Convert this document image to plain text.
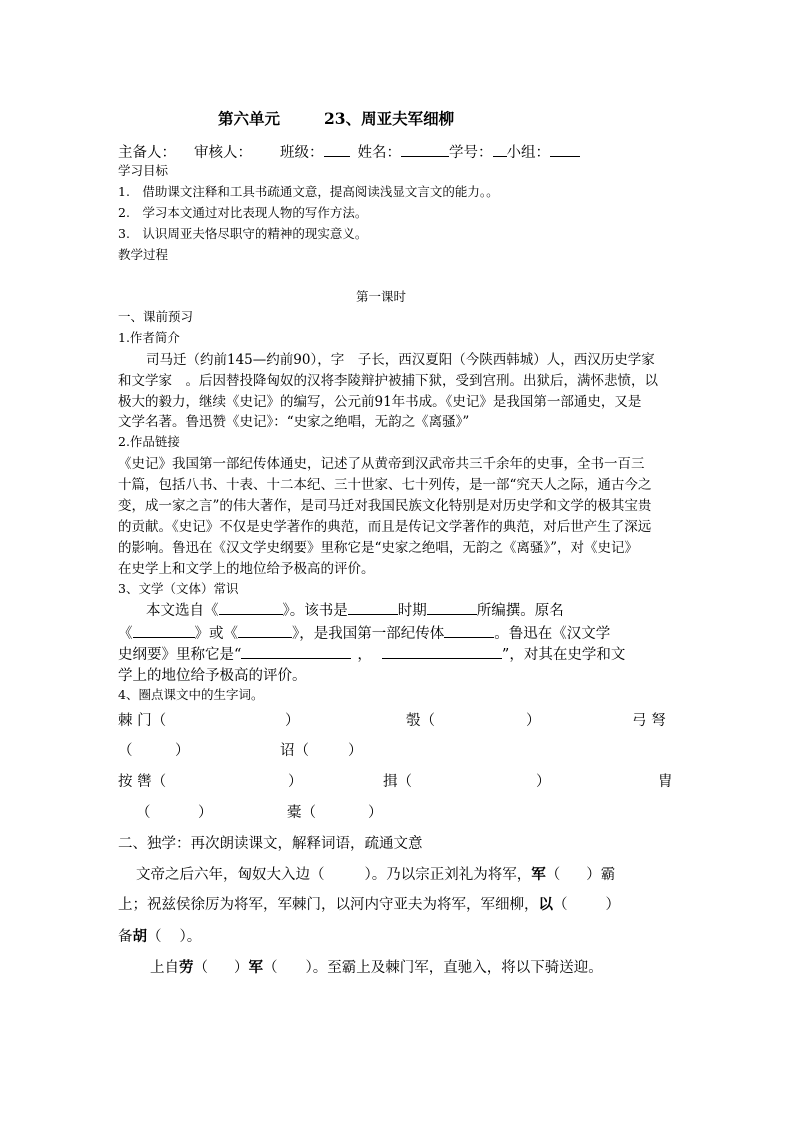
第六单元	23、周亚夫军细柳
主备人： 审核人： 班级： 姓名：	学号： 小组：
学习目标
1.　借助课文注释和工具书疏通文意，提高阅读浅显文言文的能力。。
2.　学习本文通过对比表现人物的写作方法。
3.　认识周亚夫恪尽职守的精神的现实意义。
教学过程
第一课时
一、课前预习
1.作者简介
司马迁（约前145—约前90），字　子长，西汉夏阳（今陕西韩城）人，西汉历史学家
和文学家　。后因替投降匈奴的汉将李陵辩护被捕下狱，受到宫刑。出狱后，满怀悲愤，以
极大的毅力，继续《史记》的编写，公元前91年书成。《史记》是我国第一部通史，又是
文学名著。鲁迅赞《史记》：“史家之绝唱，无韵之《离骚》”
2.作品链接
《史记》我国第一部纪传体通史，记述了从黄帝到汉武帝共三千余年的史事，全书一百三
十篇，包括八书、十表、十二本纪、三十世家、七十列传，是一部“究天人之际，通古今之
变，成一家之言”的伟大著作，是司马迁对我国民族文化特别是对历史学和文学的极其宝贵
的贡献。《史记》不仅是史学著作的典范，而且是传记文学著作的典范，对后世产生了深远
的影响。鲁迅在《汉文学史纲要》里称它是“史家之绝唱，无韵之《离骚》”，对《史记》
在史学上和文学上的地位给予极高的评价。
3、文学（文体）常识
本文选自《	》。该书是	时期	所编撰。原名
《	》或《	》，是我国第一部纪传体	。鲁迅在《汉文学
史纲要》里称它是“	，	”，对其在史学和文
学上的地位给予极高的评价。
4、圈点课文中的生字词。
棘 门（	）	彀（	）	弓 弩
（	）	诏（	）
按 辔（	）	揖（	）	胄
（	）	橐（	）
二、独学：再次朗读课文，解释词语，疏通文意
文帝之后六年，匈奴大入边（	）。乃以宗正刘礼为将军，军（ ）霸
上；祝兹侯徐厉为将军，军棘门，以河内守亚夫为将军，军细柳，以（	）
备胡（ ）。
上自劳（ ）军（ ）。至霸上及棘门军，直驰入，将以下骑送迎。
